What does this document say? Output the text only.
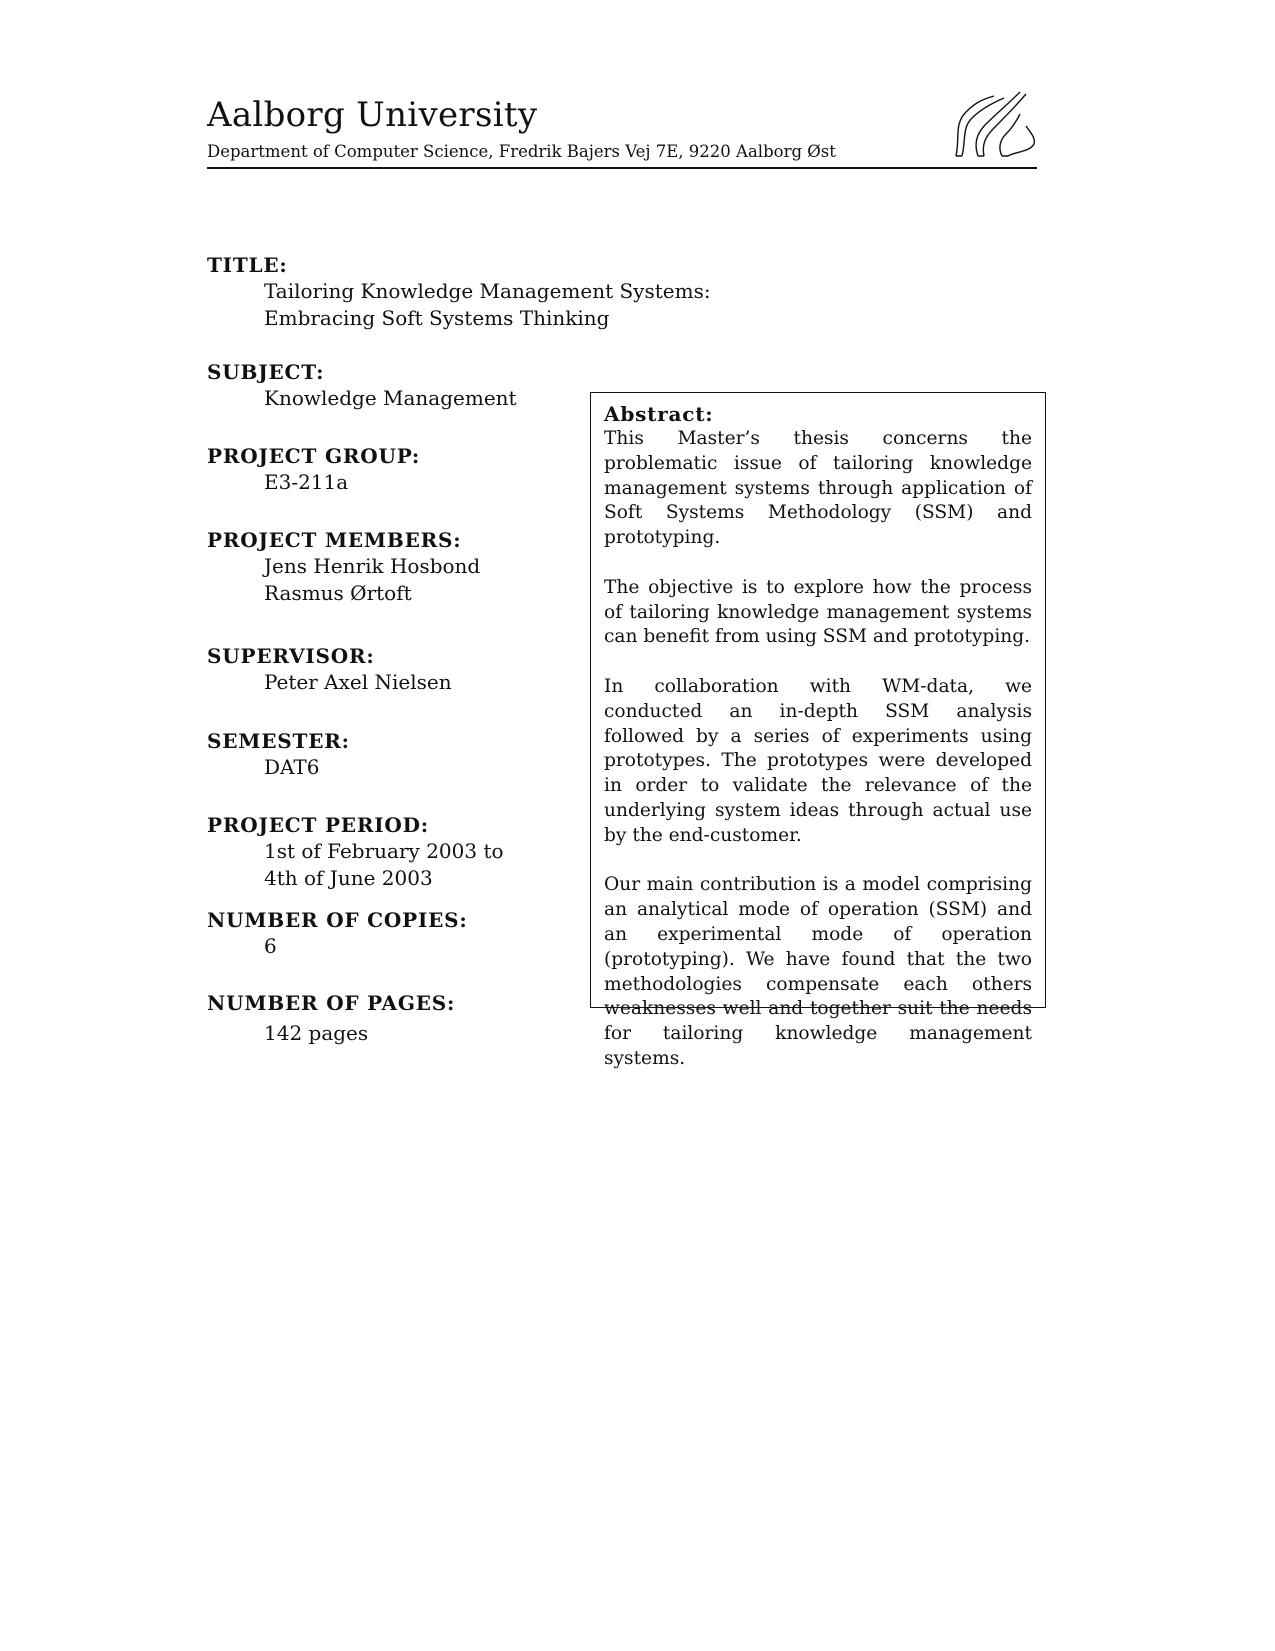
Aalborg University
Department of Computer Science, Fredrik Bajers Vej 7E, 9220 Aalborg Øst
TITLE:
Tailoring Knowledge Management Systems:
Embracing Soft Systems Thinking
SUBJECT:
Knowledge Management
PROJECT GROUP:
E3-211a
PROJECT MEMBERS:
Jens Henrik Hosbond
Rasmus Ørtoft
SUPERVISOR:
Peter Axel Nielsen
SEMESTER:
DAT6
PROJECT PERIOD:
1st of February 2003 to
4th of June 2003
NUMBER OF COPIES:
6
NUMBER OF PAGES:
142 pages
Abstract:

This Master’s thesis concerns the problematic issue of tailoring knowledge management systems through application of Soft Systems Methodology (SSM) and prototyping.

The objective is to explore how the process of tailoring knowledge management systems can benefit from using SSM and prototyping.

In collaboration with WM-data, we conducted an in-depth SSM analysis followed by a series of experiments using prototypes. The prototypes were developed in order to validate the relevance of the underlying system ideas through actual use by the end-customer.

Our main contribution is a model comprising an analytical mode of operation (SSM) and an experimental mode of operation (prototyping). We have found that the two methodologies compensate each others weaknesses well and together suit the needs for tailoring knowledge management systems.
